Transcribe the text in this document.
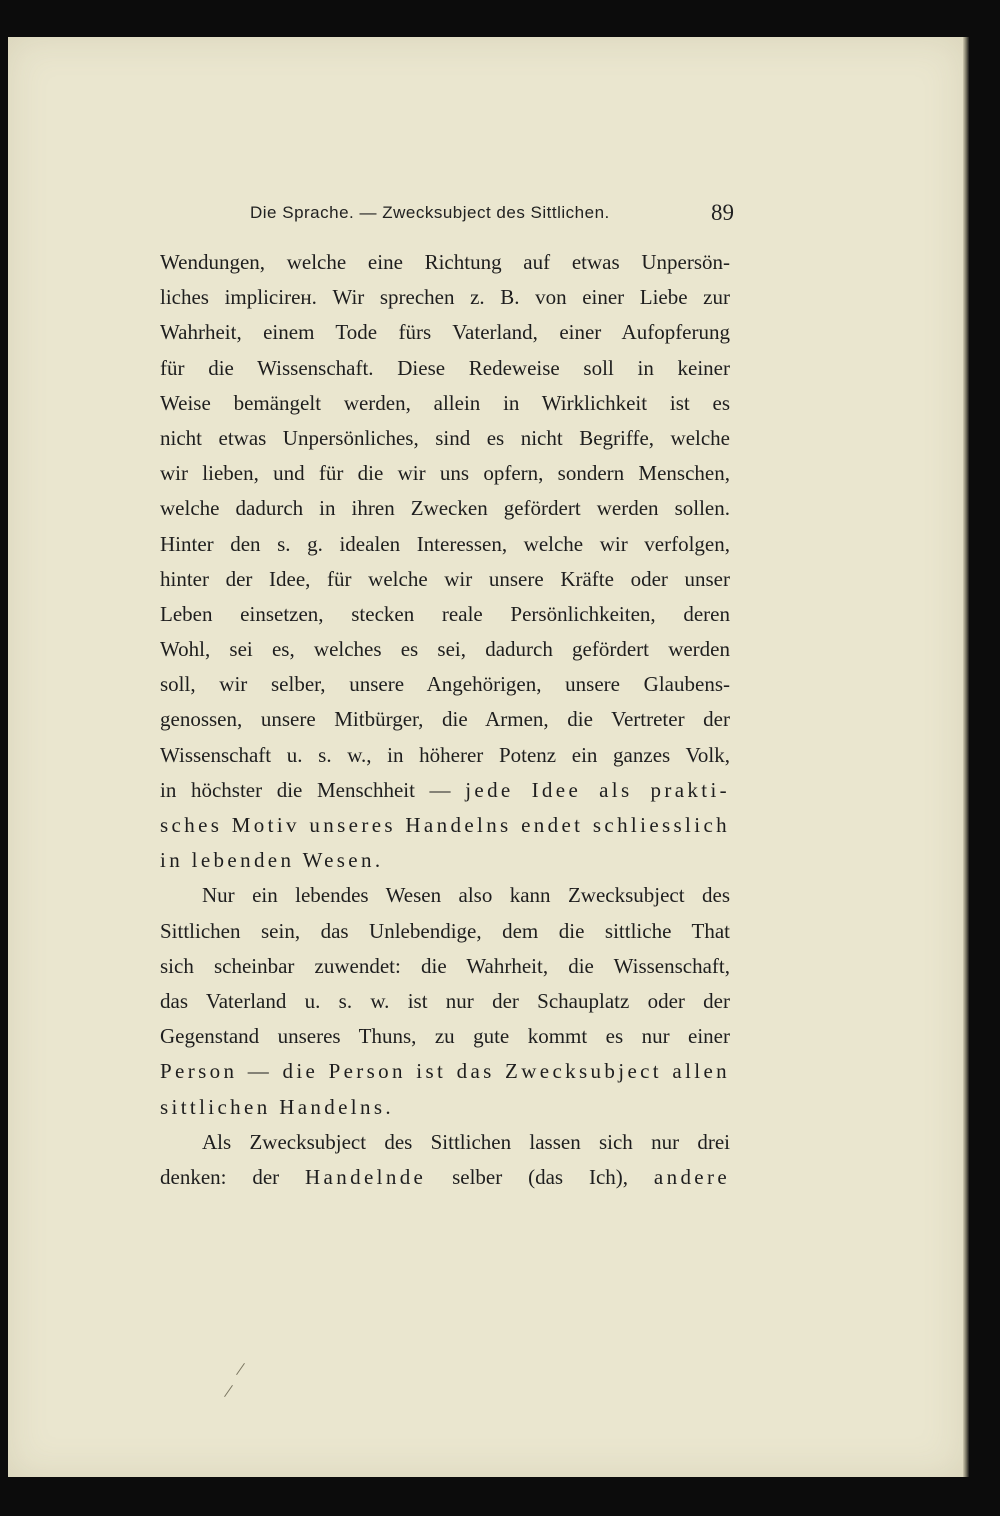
Die Sprache. — Zwecksubject des Sittlichen.	89
Wendungen, welche eine Richtung auf etwas Unpersön-
liches implicirен. Wir sprechen z. B. von einer Liebe zur
Wahrheit, einem Tode fürs Vaterland, einer Aufopferung
für die Wissenschaft. Diese Redeweise soll in keiner
Weise bemängelt werden, allein in Wirklichkeit ist es
nicht etwas Unpersönliches, sind es nicht Begriffe, welche
wir lieben, und für die wir uns opfern, sondern Menschen,
welche dadurch in ihren Zwecken gefördert werden sollen.
Hinter den s. g. idealen Interessen, welche wir verfolgen,
hinter der Idee, für welche wir unsere Kräfte oder unser
Leben einsetzen, stecken reale Persönlichkeiten, deren
Wohl, sei es, welches es sei, dadurch gefördert werden
soll, wir selber, unsere Angehörigen, unsere Glaubens-
genossen, unsere Mitbürger, die Armen, die Vertreter der
Wissenschaft u. s. w., in höherer Potenz ein ganzes Volk,
in höchster die Menschheit — jede Idee als prakti-
sches Motiv unseres Handelns endet schliesslich
in lebenden Wesen.
Nur ein lebendes Wesen also kann Zwecksubject des
Sittlichen sein, das Unlebendige, dem die sittliche That
sich scheinbar zuwendet: die Wahrheit, die Wissenschaft,
das Vaterland u. s. w. ist nur der Schauplatz oder der
Gegenstand unseres Thuns, zu gute kommt es nur einer
Person — die Person ist das Zwecksubject allen
sittlichen Handelns.
Als Zwecksubject des Sittlichen lassen sich nur drei
denken: der Handelnde selber (das Ich), andere
